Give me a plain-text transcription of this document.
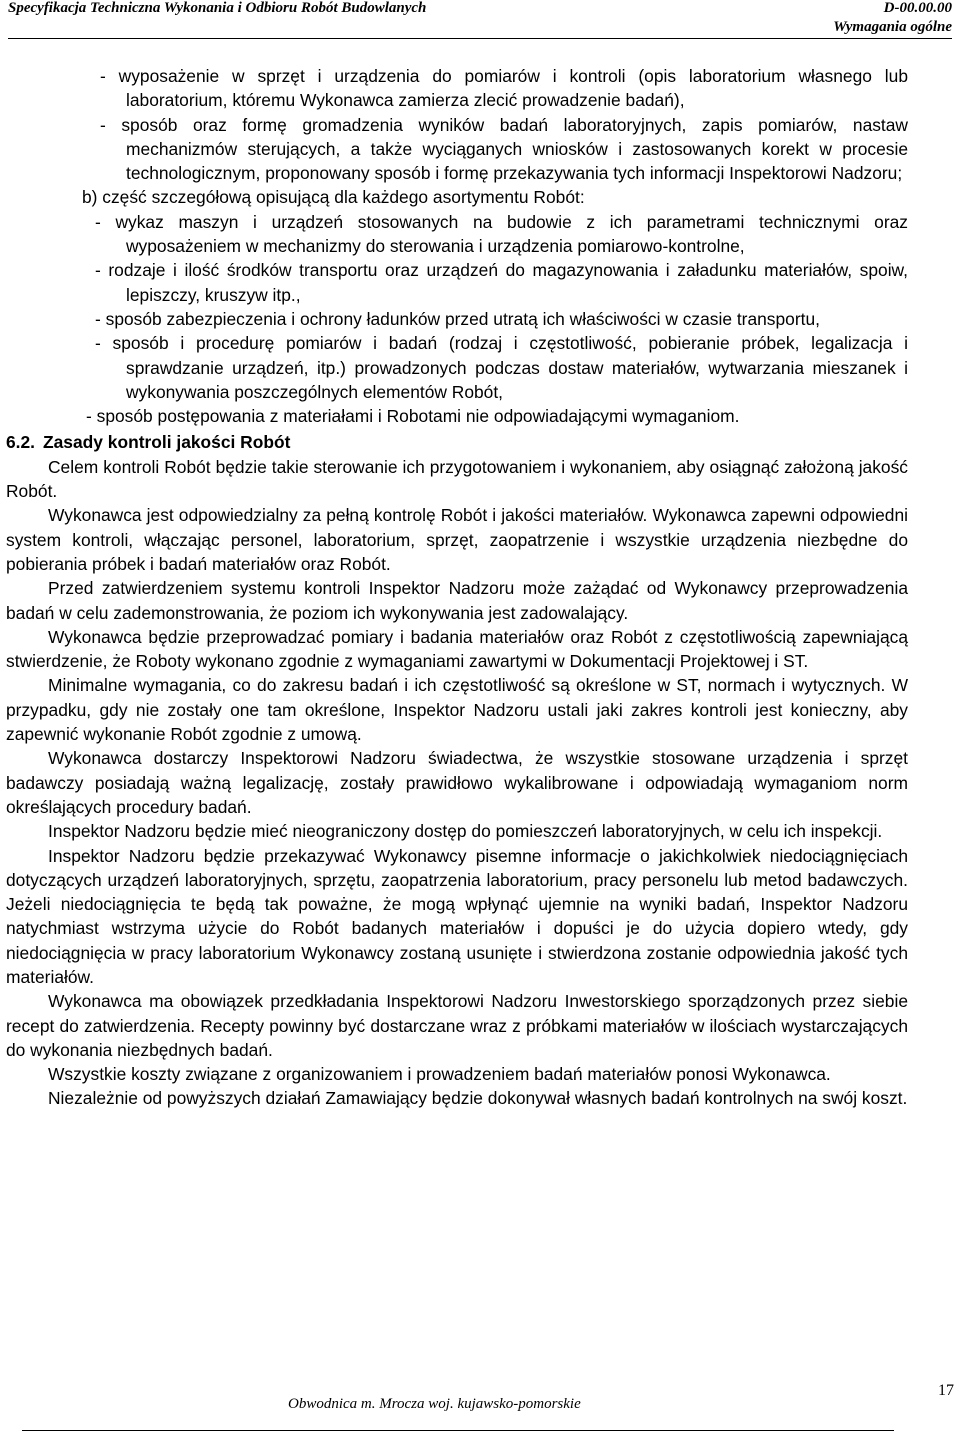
Specyfikacja Techniczna Wykonania i Odbioru Robót Budowlanych	D-00.00.00
Wymagania ogólne

- wyposażenie w sprzęt i urządzenia do pomiarów i kontroli (opis laboratorium własnego lub laboratorium, któremu Wykonawca zamierza zlecić prowadzenie badań),

- sposób oraz formę gromadzenia wyników badań laboratoryjnych, zapis pomiarów, nastaw mechanizmów sterujących, a także wyciąganych wniosków i zastosowanych korekt w procesie technologicznym, proponowany sposób i formę przekazywania tych informacji Inspektorowi Nadzoru;

b) część szczegółową opisującą dla każdego asortymentu Robót:

- wykaz maszyn i urządzeń stosowanych na budowie z ich parametrami technicznymi oraz wyposażeniem w mechanizmy do sterowania i urządzenia pomiarowo-kontrolne,

- rodzaje i ilość środków transportu oraz urządzeń do magazynowania i załadunku materiałów, spoiw, lepiszczy, kruszyw itp.,

- sposób zabezpieczenia i ochrony ładunków przed utratą ich właściwości w czasie transportu,

- sposób i procedurę pomiarów i badań (rodzaj i częstotliwość, pobieranie próbek, legalizacja i sprawdzanie urządzeń, itp.) prowadzonych podczas dostaw materiałów, wytwarzania mieszanek i wykonywania poszczególnych elementów Robót,

- sposób postępowania z materiałami i Robotami nie odpowiadającymi wymaganiom.

6.2. Zasady kontroli jakości Robót

Celem kontroli Robót będzie takie sterowanie ich przygotowaniem i wykonaniem, aby osiągnąć założoną jakość Robót.

Wykonawca jest odpowiedzialny za pełną kontrolę Robót i jakości materiałów. Wykonawca zapewni odpowiedni system kontroli, włączając personel, laboratorium, sprzęt, zaopatrzenie i wszystkie urządzenia niezbędne do pobierania próbek i badań materiałów oraz Robót.

Przed zatwierdzeniem systemu kontroli Inspektor Nadzoru może zażądać od Wykonawcy przeprowadzenia badań w celu zademonstrowania, że poziom ich wykonywania jest zadowalający.

Wykonawca będzie przeprowadzać pomiary i badania materiałów oraz Robót z częstotliwością zapewniającą stwierdzenie, że Roboty wykonano zgodnie z wymaganiami zawartymi w Dokumentacji Projektowej i ST.

Minimalne wymagania, co do zakresu badań i ich częstotliwość są określone w ST, normach i wytycznych. W przypadku, gdy nie zostały one tam określone, Inspektor Nadzoru ustali jaki zakres kontroli jest konieczny, aby zapewnić wykonanie Robót zgodnie z umową.

Wykonawca dostarczy Inspektorowi Nadzoru świadectwa, że wszystkie stosowane urządzenia i sprzęt badawczy posiadają ważną legalizację, zostały prawidłowo wykalibrowane i odpowiadają wymaganiom norm określających procedury badań.

Inspektor Nadzoru będzie mieć nieograniczony dostęp do pomieszczeń laboratoryjnych, w celu ich inspekcji.

Inspektor Nadzoru będzie przekazywać Wykonawcy pisemne informacje o jakichkolwiek niedociągnięciach dotyczących urządzeń laboratoryjnych, sprzętu, zaopatrzenia laboratorium, pracy personelu lub metod badawczych. Jeżeli niedociągnięcia te będą tak poważne, że mogą wpłynąć ujemnie na wyniki badań, Inspektor Nadzoru natychmiast wstrzyma użycie do Robót badanych materiałów i dopuści je do użycia dopiero wtedy, gdy niedociągnięcia w pracy laboratorium Wykonawcy zostaną usunięte i stwierdzona zostanie odpowiednia jakość tych materiałów.

Wykonawca ma obowiązek przedkładania Inspektorowi Nadzoru Inwestorskiego sporządzonych przez siebie recept do zatwierdzenia. Recepty powinny być dostarczane wraz z próbkami materiałów w ilościach wystarczających do wykonania niezbędnych badań.

Wszystkie koszty związane z organizowaniem i prowadzeniem badań materiałów ponosi Wykonawca.

Niezależnie od powyższych działań Zamawiający będzie dokonywał własnych badań kontrolnych na swój koszt.

Obwodnica m. Mrocza woj. kujawsko-pomorskie
17
